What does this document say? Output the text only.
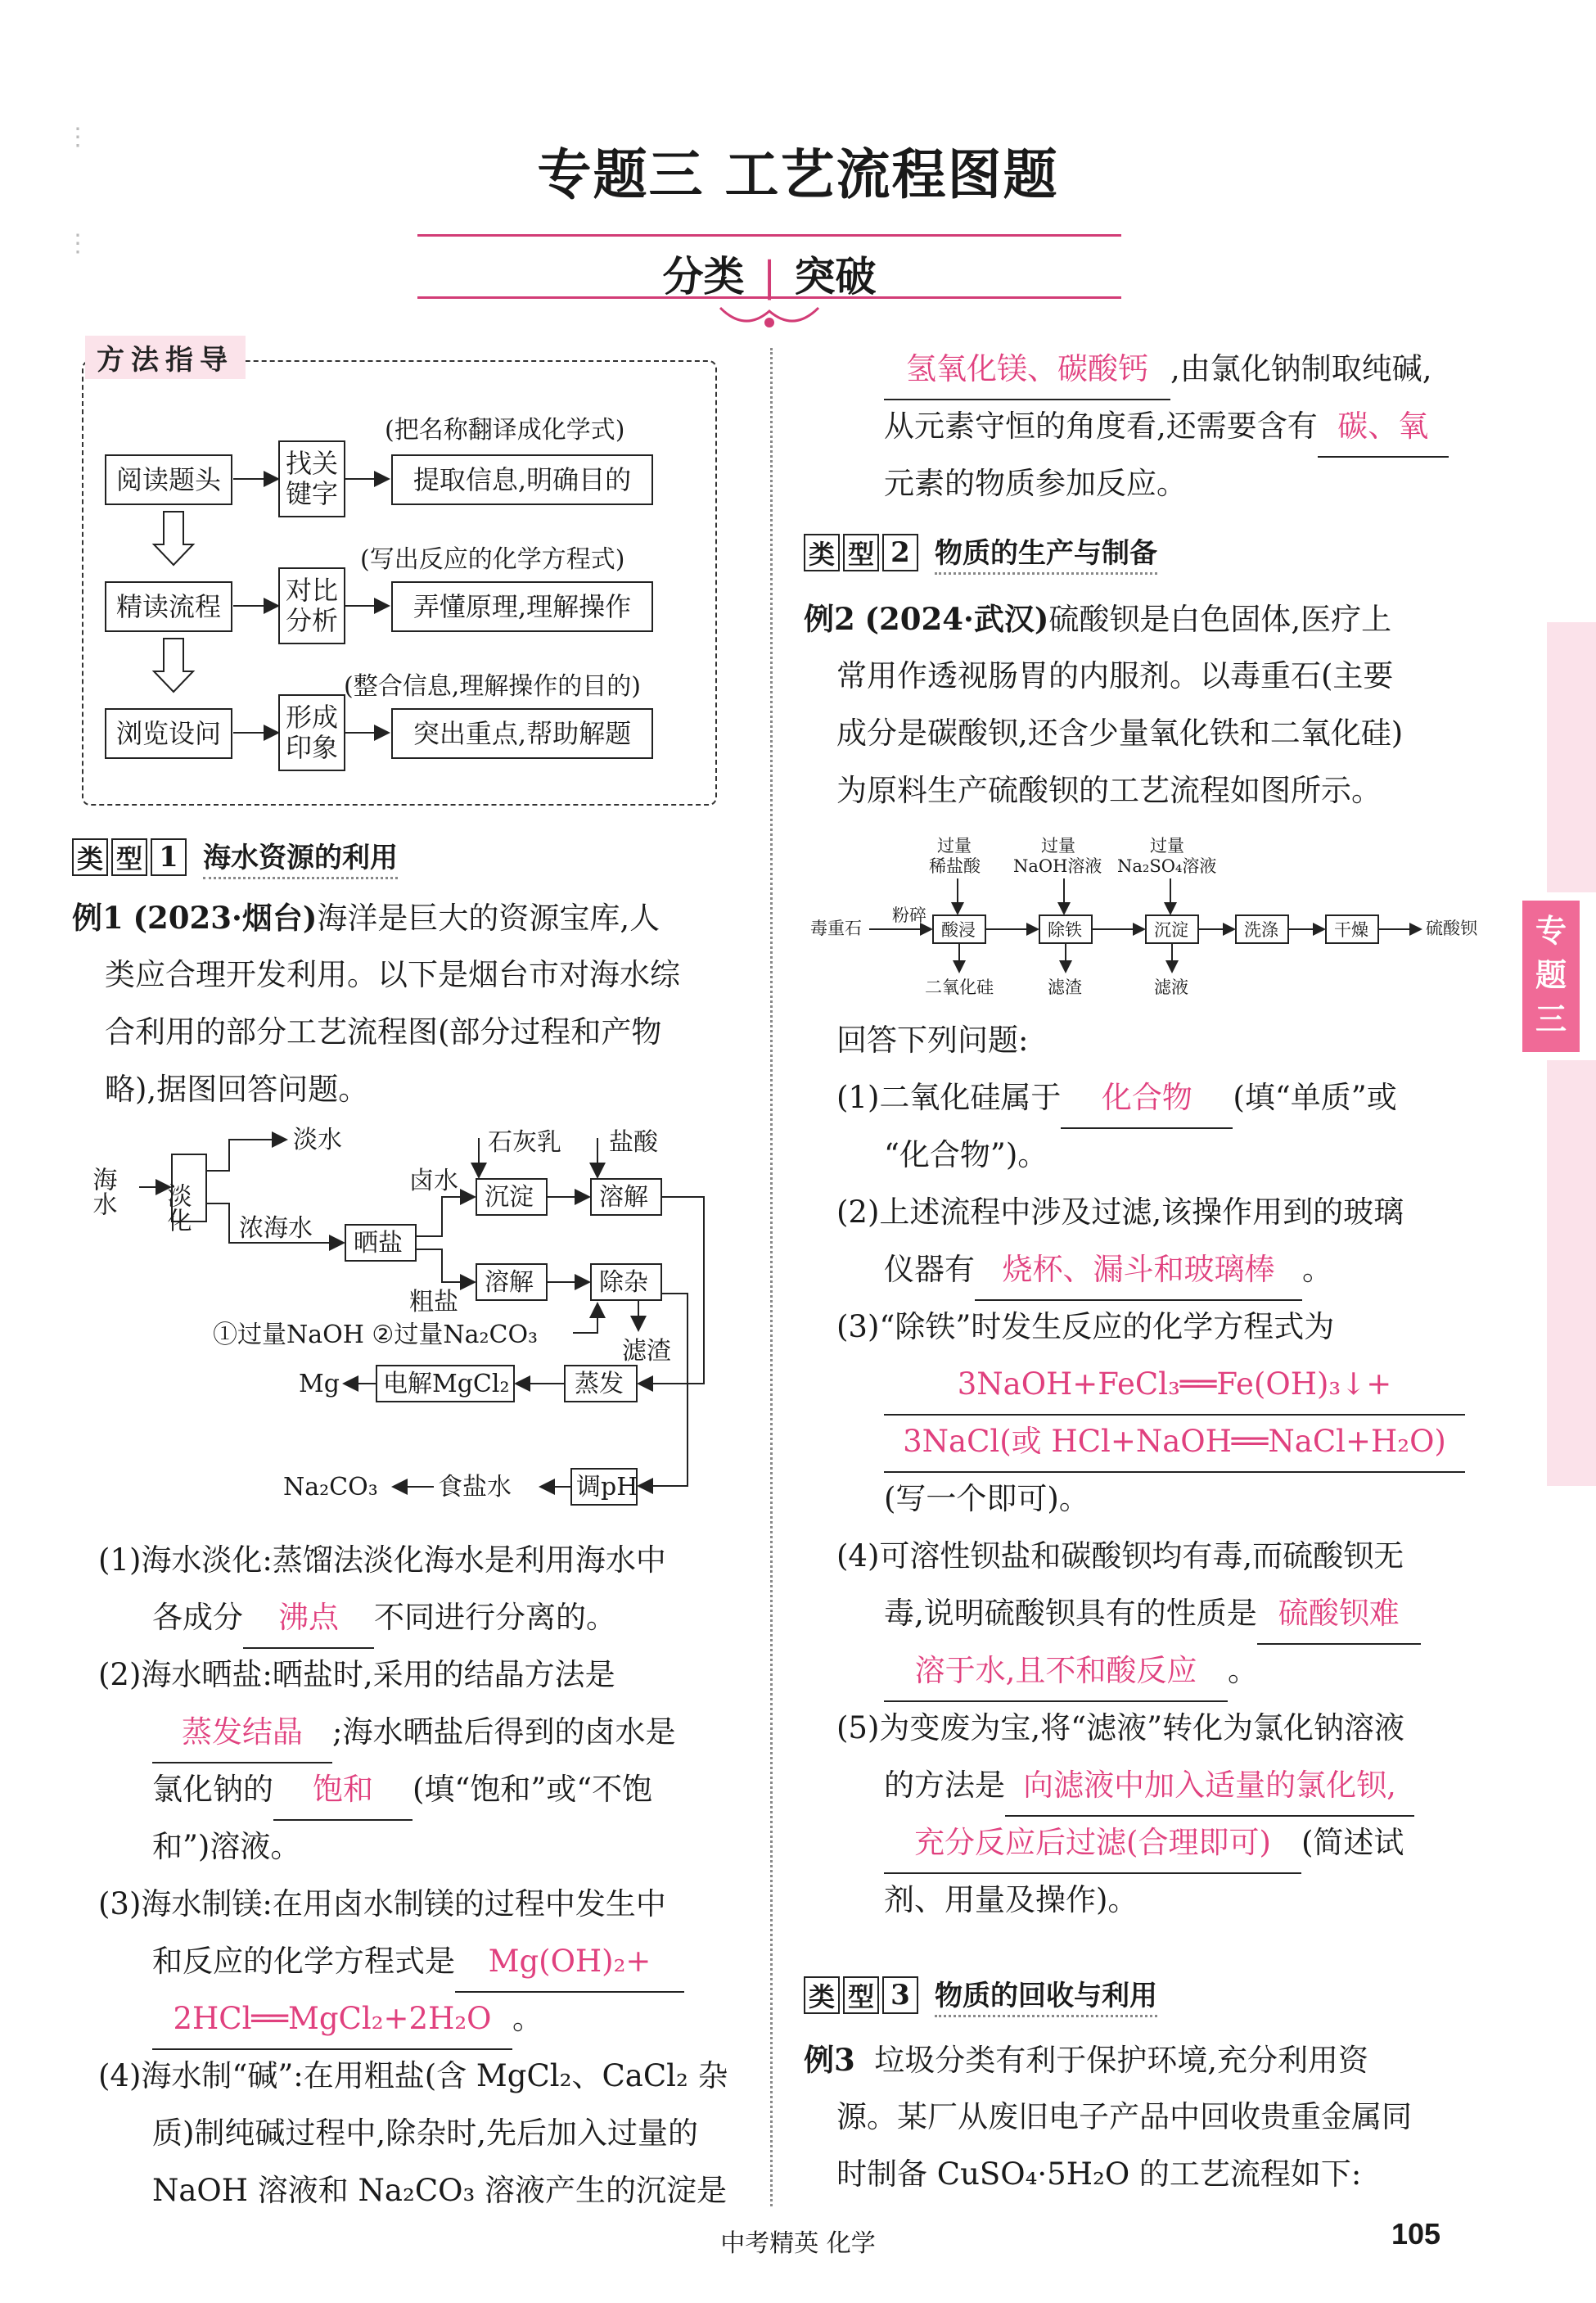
专题三 工艺流程图题
分类 | 突破
⋮
⋮
方法指导
阅读题头
找关键字	提取信息,明确目的
(把名称翻译成化学式)
精读流程
对比分析	弄懂原理,理解操作
(写出反应的化学方程式)
浏览设问
形成印象	突出重点,帮助解题
(整合信息,理解操作的目的)
类 型 1 海水资源的利用
例1 (2023·烟台)海洋是巨大的资源宝库,人
类应合理开发利用。以下是烟台市对海水综
合利用的部分工艺流程图(部分过程和产物
略),据图回答问题。
海水 淡化
淡水
浓海水
晒盐
卤水
沉淀
石灰乳
溶解
盐酸
粗盐
溶解	除杂
①过量NaOH ②过量Na₂CO₃
滤渣
蒸发
电解MgCl₂
Mg
调pH
食盐水
Na₂CO₃
(1)海水淡化:蒸馏法淡化海水是利用海水中
各成分 沸点 不同进行分离的。
(2)海水晒盐:晒盐时,采用的结晶方法是
蒸发结晶 ;海水晒盐后得到的卤水是
氯化钠的 饱和 (填“饱和”或“不饱
和”)溶液。
(3)海水制镁:在用卤水制镁的过程中发生中
和反应的化学方程式是 Mg(OH)₂+
2HCl══MgCl₂+2H₂O 。
(4)海水制“碱”:在用粗盐(含 MgCl₂、CaCl₂ 杂
质)制纯碱过程中,除杂时,先后加入过量的
NaOH 溶液和 Na₂CO₃ 溶液产生的沉淀是
氢氧化镁、碳酸钙 ,由氯化钠制取纯碱,
从元素守恒的角度看,还需要含有 碳、氧
元素的物质参加反应。
类 型 2 物质的生产与制备
例2 (2024·武汉)硫酸钡是白色固体,医疗上
常用作透视肠胃的内服剂。以毒重石(主要
成分是碳酸钡,还含少量氧化铁和二氧化硅)
为原料生产硫酸钡的工艺流程如图所示。
过量
稀盐酸
过量
NaOH溶液
过量
Na₂SO₄溶液
毒重石
粉碎
酸浸
二氧化硅
除铁
滤渣
沉淀
滤液
洗涤	干燥	硫酸钡
回答下列问题:
(1)二氧化硅属于 化合物 (填“单质”或
“化合物”)。
(2)上述流程中涉及过滤,该操作用到的玻璃
仪器有 烧杯、漏斗和玻璃棒 。
(3)“除铁”时发生反应的化学方程式为
3NaOH+FeCl₃══Fe(OH)₃↓+
3NaCl(或 HCl+NaOH══NaCl+H₂O)
(写一个即可)。
(4)可溶性钡盐和碳酸钡均有毒,而硫酸钡无
毒,说明硫酸钡具有的性质是 硫酸钡难
溶于水,且不和酸反应 。
(5)为变废为宝,将“滤液”转化为氯化钠溶液
的方法是 向滤液中加入适量的氯化钡,
充分反应后过滤(合理即可) (简述试
剂、用量及操作)。
类 型 3 物质的回收与利用
例3 垃圾分类有利于保护环境,充分利用资
源。某厂从废旧电子产品中回收贵重金属同
时制备 CuSO₄·5H₂O 的工艺流程如下:
专题三
中考精英 化学	105
